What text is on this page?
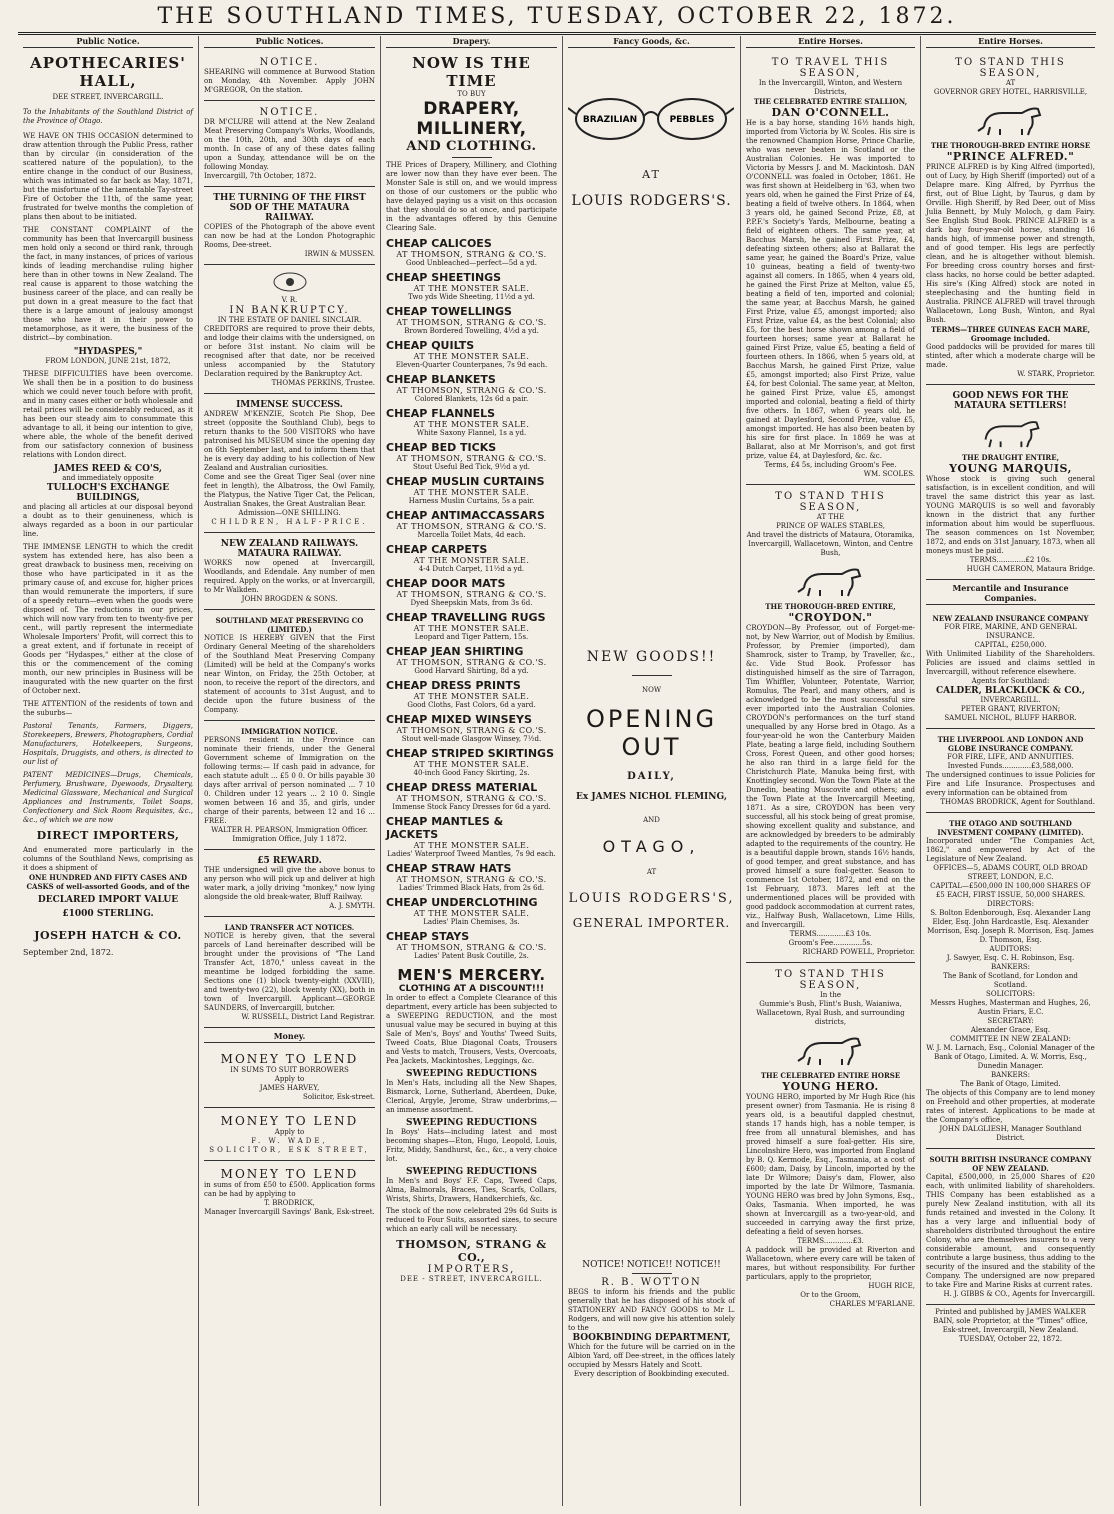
THE SOUTHLAND TIMES, TUESDAY, OCTOBER 22, 1872.
Public Notice.
APOTHECARIES' HALL,
DEE STREET, INVERCARGILL.
To the Inhabitants of the Southland District of the Province of Otago.
WE HAVE ON THIS OCCASION determined to draw attention through the Public Press, rather than by circular (in consideration of the scattered nature of the population), to the entire change in the conduct of our Business, which was intimated so far back as May, 1871, but the misfortune of the lamentable Tay-street Fire of October the 11th, of the same year, frustrated for twelve months the completion of plans then about to be initiated.
THE CONSTANT COMPLAINT of the community has been that Invercargill business men hold only a second or third rank, through the fact, in many instances, of prices of various kinds of leading merchandise ruling higher here than in other towns in New Zealand. The real cause is apparent to those watching the business career of the place, and can really be put down in a great measure to the fact that there is a large amount of jealousy amongst those who have it in their power to metamorphose, as it were, the business of the district—by combination.
"HYDASPES,"
FROM LONDON, JUNE 21st, 1872,
THESE DIFFICULTIES have been overcome. We shall then be in a position to do business which we could never touch before with profit, and in many cases either or both wholesale and retail prices will be considerably reduced, as it has been our steady aim to consummate this advantage to all, it being our intention to give, where able, the whole of the benefit derived from our satisfactory connexion of business relations with London direct.
JAMES REED & CO'S,
and immediately opposite
TULLOCH'S EXCHANGE BUILDINGS,
and placing all articles at our disposal beyond a doubt as to their genuineness, which is always regarded as a boon in our particular line.
THE IMMENSE LENGTH to which the credit system has extended here, has also been a great drawback to business men, receiving on those who have participated in it as the primary cause of, and excuse for, higher prices than would remunerate the importers, if sure of a speedy return—even when the goods were disposed of. The reductions in our prices, which will now vary from ten to twenty-five per cent., will partly represent the intermediate Wholesale Importers' Profit, will correct this to a great extent, and if fortunate in receipt of Goods per "Hydaspes," either at the close of this or the commencement of the coming month, our new principles in Business will be inaugurated with the new quarter on the first of October next.
THE ATTENTION of the residents of town and the suburbs—
Pastoral Tenants, Farmers, Diggers, Storekeepers, Brewers, Photographers, Cordial Manufacturers, Hotelkeepers, Surgeons, Hospitals, Druggists, and others, is directed to our list of
PATENT MEDICINES—Drugs, Chemicals, Perfumery, Brushware, Dyewoods, Drysaltery, Medicinal Glassware, Mechanical and Surgical Appliances and Instruments, Toilet Soaps, Confectionery and Sick Room Requisites, &c., &c., of which we are now
DIRECT IMPORTERS,
And enumerated more particularly in the columns of the Southland News, comprising as it does a shipment of
ONE HUNDRED AND FIFTY CASES AND CASKS of well-assorted Goods, and of the
DECLARED IMPORT VALUE
£1000 STERLING.
JOSEPH HATCH & CO.
September 2nd, 1872.
Public Notices.
NOTICE.
SHEARING will commence at Burwood Station on Monday, 4th November. Apply JOHN M'GREGOR, On the station.
NOTICE.
DR M'CLURE will attend at the New Zealand Meat Preserving Company's Works, Woodlands, on the 10th, 20th, and 30th days of each month. In case of any of these dates falling upon a Sunday, attendance will be on the following Monday.
Invercargill, 7th October, 1872.
THE TURNING OF THE FIRST SOD OF THE MATAURA RAILWAY.
COPIES of the Photograph of the above event can now be had at the London Photographic Rooms, Dee-street.
IRWIN & MUSSEN.
V. R.
IN BANKRUPTCY.
IN THE ESTATE OF DANIEL SINCLAIR.
CREDITORS are required to prove their debts, and lodge their claims with the undersigned, on or before 31st instant. No claim will be recognised after that date, nor be received unless accompanied by the Statutory Declaration required by the Bankruptcy Act.
THOMAS PERKINS, Trustee.
IMMENSE SUCCESS.
ANDREW M'KENZIE, Scotch Pie Shop, Dee street (opposite the Southland Club), begs to return thanks to the 500 VISITORS who have patronised his MUSEUM since the opening day on 6th September last, and to inform them that he is every day adding to his collection of New Zealand and Australian curiosities.
Come and see the Great Tiger Seal (over nine feet in length), the Albatross, the Owl Family, the Platypus, the Native Tiger Cat, the Pelican, Australian Snakes, the Great Australian Bear.
Admission—ONE SHILLING.
CHILDREN, HALF-PRICE.
NEW ZEALAND RAILWAYS.
MATAURA RAILWAY.
WORKS now opened at Invercargill, Woodlands, and Edendale. Any number of men required. Apply on the works, or at Invercargill, to Mr Walkden.
JOHN BROGDEN & SONS.
SOUTHLAND MEAT PRESERVING CO (LIMITED.)
NOTICE IS HEREBY GIVEN that the First Ordinary General Meeting of the shareholders of the Southland Meat Preserving Company (Limited) will be held at the Company's works near Winton, on Friday, the 25th October, at noon, to receive the report of the directors, and statement of accounts to 31st August, and to decide upon the future business of the Company.
IMMIGRATION NOTICE.
PERSONS resident in the Province can nominate their friends, under the General Government scheme of Immigration on the following terms:— If cash paid in advance, for each statute adult ... £5 0 0. Or bills payable 30 days after arrival of person nominated ... 7 10 0. Children under 12 years ... 2 10 0. Single women between 16 and 35, and girls, under charge of their parents, between 12 and 16 ... FREE.
WALTER H. PEARSON, Immigration Officer. Immigration Office, July 1 1872.
£5 REWARD.
THE undersigned will give the above bonus to any person who will pick up and deliver at high water mark, a jolly driving "monkey," now lying alongside the old break-water, Bluff Railway.
A. J. SMYTH.
LAND TRANSFER ACT NOTICES.
NOTICE is hereby given, that the several parcels of Land hereinafter described will be brought under the provisions of "The Land Transfer Act, 1870," unless caveat in the meantime be lodged forbidding the same. Sections one (1) block twenty-eight (XXVIII), and twenty-two (22), block twenty (XX), both in town of Invercargill. Applicant—GEORGE SAUNDERS, of Invercargill, butcher.
W. RUSSELL, District Land Registrar.
Money.
MONEY TO LEND
IN SUMS TO SUIT BORROWERS
Apply to
JAMES HARVEY,
Solicitor, Esk-street.
MONEY TO LEND
Apply to
F. W. WADE,
SOLICITOR, ESK STREET,
MONEY TO LEND
in sums of from £50 to £500. Application forms can be had by applying to
T. BRODRICK,
Manager Invercargill Savings' Bank, Esk-street.
Drapery.
NOW IS THE TIME
TO BUY
DRAPERY, MILLINERY,
AND CLOTHING.
THE Prices of Drapery, Millinery, and Clothing are lower now than they have ever been. The Monster Sale is still on, and we would impress on those of our customers or the public who have delayed paying us a visit on this occasion that they should do so at once, and participate in the advantages offered by this Genuine Clearing Sale.
CHEAP CALICOES
AT THOMSON, STRANG & CO.'S.
Good Unbleached—perfect—5d a yd.
CHEAP SHEETINGS
AT THE MONSTER SALE.
Two yds Wide Sheeting, 11½d a yd.
CHEAP TOWELLINGS
AT THOMSON, STRANG & CO.'S.
Brown Bordered Towelling, 4½d a yd.
CHEAP QUILTS
AT THE MONSTER SALE.
Eleven-Quarter Counterpanes, 7s 9d each.
CHEAP BLANKETS
AT THOMSON, STRANG & CO.'S.
Colored Blankets, 12s 6d a pair.
CHEAP FLANNELS
AT THE MONSTER SALE.
White Saxony Flannel, 1s a yd.
CHEAP BED TICKS
AT THOMSON, STRANG & CO.'S.
Stout Useful Bed Tick, 9½d a yd.
CHEAP MUSLIN CURTAINS
AT THE MONSTER SALE.
Harness Muslin Curtains, 5s a pair.
CHEAP ANTIMACCASSARS
AT THOMSON, STRANG & CO.'S.
Marcella Toilet Mats, 4d each.
CHEAP CARPETS
AT THE MONSTER SALE.
4-4 Dutch Carpet, 11½d a yd.
CHEAP DOOR MATS
AT THOMSON, STRANG & CO.'S.
Dyed Sheepskin Mats, from 3s 6d.
CHEAP TRAVELLING RUGS
AT THE MONSTER SALE.
Leopard and Tiger Pattern, 15s.
CHEAP JEAN SHIRTING
AT THOMSON, STRANG & CO.'S.
Good Harvard Shirting, 8d a yd.
CHEAP DRESS PRINTS
AT THE MONSTER SALE.
Good Cloths, Fast Colors, 6d a yard.
CHEAP MIXED WINSEYS
AT THOMSON, STRANG & CO.'S.
Stout well-made Glasgow Winsey, 7½d.
CHEAP STRIPED SKIRTINGS
AT THE MONSTER SALE.
40-inch Good Fancy Skirting, 2s.
CHEAP DRESS MATERIAL
AT THOMSON, STRANG & CO.'S.
Immense Stock Fancy Dresses for 6d a yard.
CHEAP MANTLES & JACKETS
AT THE MONSTER SALE.
Ladies' Waterproof Tweed Mantles, 7s 9d each.
CHEAP STRAW HATS
AT THOMSON, STRANG & CO.'S.
Ladies' Trimmed Black Hats, from 2s 6d.
CHEAP UNDERCLOTHING
AT THE MONSTER SALE.
Ladies' Plain Chemises, 3s.
CHEAP STAYS
AT THOMSON, STRANG & CO.'S.
Ladies' Patent Busk Coutille, 2s.
MEN'S MERCERY.
CLOTHING AT A DISCOUNT!!!
In order to effect a Complete Clearance of this department, every article has been subjected to a SWEEPING REDUCTION, and the most unusual value may be secured in buying at this Sale of Men's, Boys' and Youths' Tweed Suits, Tweed Coats, Blue Diagonal Coats, Trousers and Vests to match, Trousers, Vests, Overcoats, Pea Jackets, Mackintoshes, Leggings, &c.
SWEEPING REDUCTIONS
In Men's Hats, including all the New Shapes, Bismarck, Lorne, Sutherland, Aberdeen, Duke, Clerical, Argyle, Jerome, Straw underbrims,—an immense assortment.
SWEEPING REDUCTIONS
In Boys' Hats—including latest and most becoming shapes—Eton, Hugo, Leopold, Louis, Fritz, Middy, Sandhurst, &c., &c., a very choice lot.
SWEEPING REDUCTIONS
In Men's and Boys' F.F. Caps, Tweed Caps, Alma, Balmorals, Braces, Ties, Scarfs, Collars, Wrists, Shirts, Drawers, Handkerchiefs, &c.
The stock of the now celebrated 29s 6d Suits is reduced to Four Suits, assorted sizes, to secure which an early call will be necessary.
THOMSON, STRANG & CO.,
IMPORTERS,
DEE - STREET, INVERCARGILL.
Fancy Goods, &c.
BRAZILIAN	PEBBLES
AT
LOUIS RODGERS'S.
NEW GOODS!!
NOW
OPENING OUT
DAILY,
Ex JAMES NICHOL FLEMING,
AND
OTAGO,
AT
LOUIS RODGERS'S,
GENERAL IMPORTER.
NOTICE! NOTICE!! NOTICE!!
R. B. WOTTON
BEGS to inform his friends and the public generally that he has disposed of his stock of STATIONERY AND FANCY GOODS to Mr L. Rodgers, and will now give his attention solely to the
BOOKBINDING DEPARTMENT,
Which for the future will be carried on in the Albion Yard, off Dee-street, in the offices lately occupied by Messrs Hately and Scott.
Every description of Bookbinding executed.
Entire Horses.
TO TRAVEL THIS SEASON,
In the Invercargill, Winton, and Western Districts,
THE CELEBRATED ENTIRE STALLION,
DAN O'CONNELL.
He is a bay horse, standing 16½ hands high, imported from Victoria by W. Scoles. His sire is the renowned Champion Horse, Prince Charlie, who was never beaten in Scotland or the Australian Colonies. He was imported to Victoria by Messrs J. and M. Mackintosh. DAN O'CONNELL was foaled in October, 1861. He was first shown at Heidelberg in '63, when two years old, when he gained the First Prize of £4, beating a field of twelve others. In 1864, when 3 years old, he gained Second Prize, £8, at P.P.F.'s Society's Yards, Melbourne, beating a field of eighteen others. The same year, at Bacchus Marsh, he gained First Prize, £4, defeating sixteen others; also at Ballarat the same year, he gained the Board's Prize, value 10 guineas, beating a field of twenty-two against all comers. In 1865, when 4 years old, he gained the First Prize at Melton, value £5, beating a field of ten, imported and colonial; the same year, at Bacchus Marsh, he gained First Prize, value £5, amongst imported; also First Prize, value £4, as the best Colonial; also £5, for the best horse shown among a field of fourteen horses; same year at Ballarat he gained First Prize, value £5, beating a field of fourteen others. In 1866, when 5 years old, at Bacchus Marsh, he gained First Prize, value £5, amongst imported; also First Prize, value £4, for best Colonial. The same year, at Melton, he gained First Prize, value £5, amongst imported and colonial, beating a field of thirty five others. In 1867, when 6 years old, he gained at Daylesford, Second Prize, value £5, amongst imported. He has also been beaten by his sire for first place. In 1869 he was at Ballarat, also at Mr Morrison's, and got first prize, value £4, at Daylesford, &c. &c.
Terms, £4 5s, including Groom's Fee.
WM. SCOLES.
TO STAND THIS SEASON,
AT THE
PRINCE OF WALES STABLES,
And travel the districts of Mataura, Otoramika, Invercargill, Wallacetown, Winton, and Centre Bush,
THE THOROUGH-BRED ENTIRE,
"CROYDON."
CROYDON—By Professor, out of Forget-me-not, by New Warrior, out of Modish by Emilius. Professor, by Premier (imported), dam Shamrock, sister to Tramp, by Traveller, &c., &c. Vide Stud Book. Professor has distinguished himself as the sire of Tarragon, Tim Whiffler, Volunteer, Potentate, Warrior, Romulus, The Pearl, and many others, and is acknowledged to be the most successful sire ever imported into the Australian Colonies. CROYDON's performances on the turf stand unequalled by any Horse bred in Otago. As a four-year-old he won the Canterbury Maiden Plate, beating a large field, including Southern Cross, Forest Queen, and other good horses; he also ran third in a large field for the Christchurch Plate, Manuka being first, with Knottingley second. Won the Town Plate at the Dunedin, beating Muscovite and others; and the Town Plate at the Invercargill Meeting, 1871. As a sire, CROYDON has been very successful, all his stock being of great promise, showing excellent quality and substance, and are acknowledged by breeders to be admirably adapted to the requirements of the country. He is a beautiful dapple brown, stands 16½ hands, of good temper, and great substance, and has proved himself a sure foal-getter. Season to commence 1st October, 1872, and end on the 1st February, 1873. Mares left at the undermentioned places will be provided with good paddock accommodation at current rates, viz., Halfway Bush, Wallacetown, Lime Hills, and Invercargill.
TERMS.............£3 10s.
Groom's Fee.............5s.
RICHARD POWELL, Proprietor.
TO STAND THIS SEASON,
In the
Gummie's Bush, Flint's Bush, Waianiwa, Wallacetown, Ryal Bush, and surrounding districts,
THE CELEBRATED ENTIRE HORSE
YOUNG HERO.
YOUNG HERO, imported by Mr Hugh Rice (his present owner) from Tasmania. He is rising 8 years old, is a beautiful dappled chestnut, stands 17 hands high, has a noble temper, is free from all unnatural blemishes, and has proved himself a sure foal-getter. His sire, Lincolnshire Hero, was imported from England by B. Q. Kermode, Esq., Tasmania, at a cost of £600; dam, Daisy, by Lincoln, imported by the late Dr Wilmore; Daisy's dam, Flower, also imported by the late Dr Wilmore, Tasmania. YOUNG HERO was bred by John Symons, Esq., Oaks, Tasmania. When imported, he was shown at Invercargill as a two-year-old, and succeeded in carrying away the first prize, defeating a field of seven horses.
TERMS.............£3.
A paddock will be provided at Riverton and Wallacetown, where every care will be taken of mares, but without responsibility. For further particulars, apply to the proprietor,
HUGH RICE,
Or to the Groom,
CHARLES M'FARLANE.
Entire Horses.
TO STAND THIS SEASON,
AT
GOVERNOR GREY HOTEL, HARRISVILLE,
THE THOROUGH-BRED ENTIRE HORSE
"PRINCE ALFRED."
PRINCE ALFRED is by King Alfred (imported), out of Lucy, by High Sheriff (imported) out of a Delapre mare. King Alfred, by Pyrrhus the first, out of Blue Light, by Taurus, g dam by Orville. High Sheriff, by Red Deer, out of Miss Julia Bennett, by Muly Moloch, g dam Fairy. See English Stud Book. PRINCE ALFRED is a dark bay four-year-old horse, standing 16 hands high, of immense power and strength, and of good temper. His legs are perfectly clean, and he is altogether without blemish. For breeding cross country horses and first-class hacks, no horse could be better adapted. His sire's (King Alfred) stock are noted in steeplechasing and the hunting field in Australia. PRINCE ALFRED will travel through Wallacetown, Long Bush, Winton, and Ryal Bush.
TERMS—THREE GUINEAS EACH MARE, Groomage included.
Good paddocks will be provided for mares till stinted, after which a moderate charge will be made.
W. STARK, Proprietor.
GOOD NEWS FOR THE MATAURA SETTLERS!
THE DRAUGHT ENTIRE,
YOUNG MARQUIS,
Whose stock is giving such general satisfaction, is in excellent condition, and will travel the same district this year as last. YOUNG MARQUIS is so well and favorably known in the district that any further information about him would be superfluous. The season commences on 1st November, 1872, and ends on 31st January, 1873, when all moneys must be paid.
TERMS.............£2 10s.
HUGH CAMERON, Mataura Bridge.
Mercantile and Insurance Companies.
NEW ZEALAND INSURANCE COMPANY
FOR FIRE, MARINE, AND GENERAL INSURANCE.
CAPITAL, £250,000.
With Unlimited Liability of the Shareholders. Policies are issued and claims settled in Invercargill, without reference elsewhere.
Agents for Southland:
CALDER, BLACKLOCK & CO.,
INVERCARGILL.
PETER GRANT, RIVERTON;
SAMUEL NICHOL, BLUFF HARBOR.
THE LIVERPOOL AND LONDON AND GLOBE INSURANCE COMPANY.
FOR FIRE, LIFE, AND ANNUITIES.
Invested Funds.............£3,588,000.
The undersigned continues to issue Policies for Fire and Life Insurance. Prospectuses and every information can be obtained from
THOMAS BRODRICK, Agent for Southland.
THE OTAGO AND SOUTHLAND INVESTMENT COMPANY (LIMITED).
Incorporated under "The Companies Act, 1862," and empowered by Act of the Legislature of New Zealand.
OFFICES—5, ADAMS COURT, OLD BROAD STREET, LONDON, E.C.
CAPITAL—£500,000 IN 100,000 SHARES OF £5 EACH, FIRST ISSUE, 50,000 SHARES.
DIRECTORS:
S. Bolton Edenborough, Esq. Alexander Lang Elder, Esq. John Hardcastle, Esq. Alexander Morrison, Esq. Joseph R. Morrison, Esq. James D. Thomson, Esq.
AUDITORS:
J. Sawyer, Esq. C. H. Robinson, Esq.
BANKERS:
The Bank of Scotland, for London and Scotland.
SOLICITORS:
Messrs Hughes, Masterman and Hughes, 26, Austin Friars, E.C.
SECRETARY:
Alexander Grace, Esq.
COMMITTEE IN NEW ZEALAND:
W. J. M. Larnach, Esq., Colonial Manager of the Bank of Otago, Limited. A. W. Morris, Esq., Dunedin Manager.
BANKERS:
The Bank of Otago, Limited.
The objects of this Company are to lend money on Freehold and other properties, at moderate rates of interest. Applications to be made at the Company's office,
JOHN DALGLIESH, Manager Southland District.
SOUTH BRITISH INSURANCE COMPANY OF NEW ZEALAND.
Capital, £500,000, in 25,000 Shares of £20 each, with unlimited liability of shareholders. THIS Company has been established as a purely New Zealand institution, with all its funds retained and invested in the Colony. It has a very large and influential body of shareholders distributed throughout the entire Colony, who are themselves insurers to a very considerable amount, and consequently contribute a large business, thus adding to the security of the insured and the stability of the Company. The undersigned are now prepared to take Fire and Marine Risks at current rates.
H. J. GIBBS & CO., Agents for Invercargill.
Printed and published by JAMES WALKER BAIN, sole Proprietor, at the "Times" office, Esk-street, Invercargill, New Zealand. TUESDAY, October 22, 1872.
